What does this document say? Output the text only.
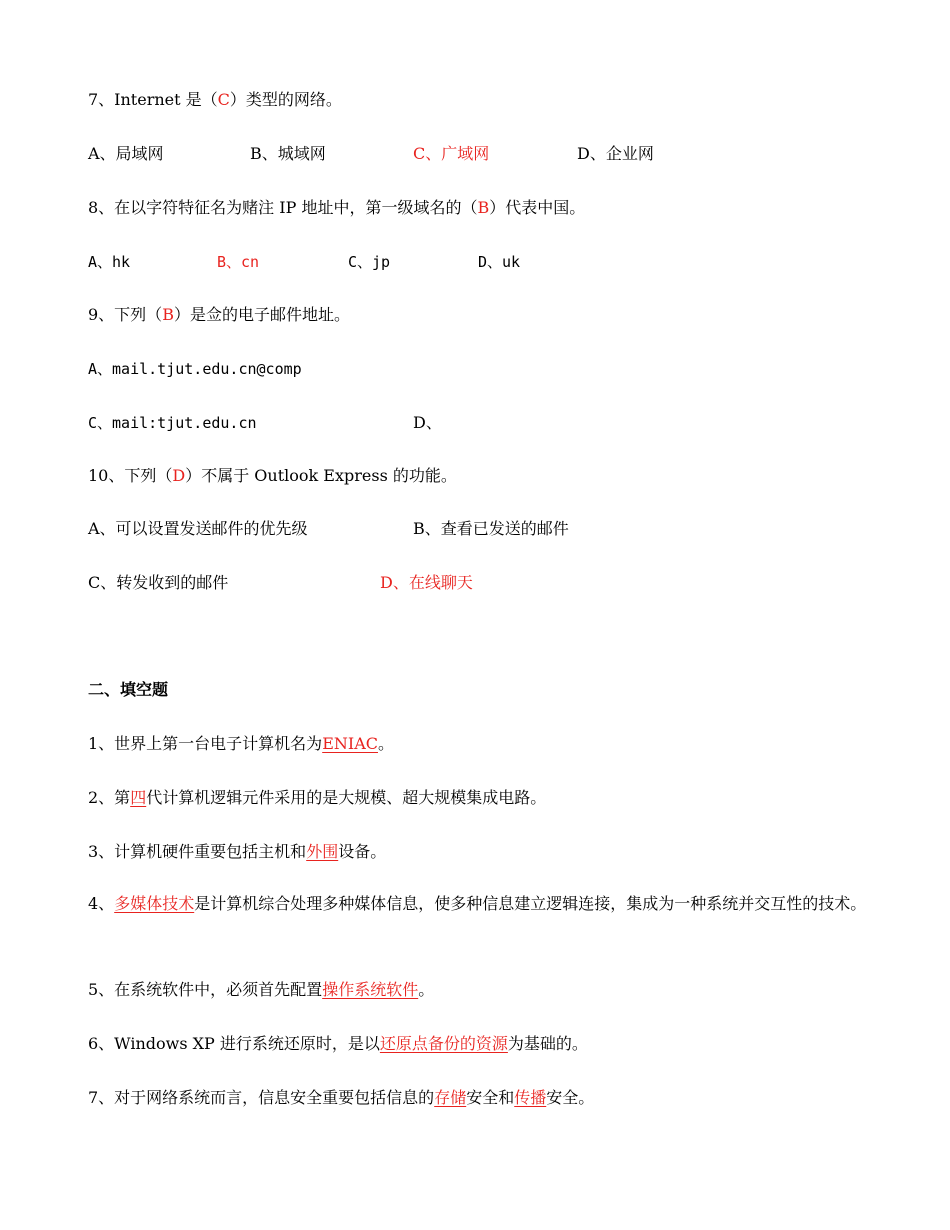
7、Internet 是（C）类型的网络。
A、局域网	B、城域网	C、广域网	D、企业网
8、在以字符特征名为赌注 IP 地址中，第一级域名的（B）代表中国。
A、hk	B、cn	C、jp	D、uk
9、下列（B）是佥的电子邮件地址。
A、mail.tjut.edu.cn@comp
C、mail:tjut.edu.cn	D、
10、下列（D）不属于 Outlook Express 的功能。
A、可以设置发送邮件的优先级	B、查看已发送的邮件
C、转发收到的邮件	D、在线聊天
二、填空题
1、世界上第一台电子计算机名为ENIAC。
2、第四代计算机逻辑元件采用的是大规模、超大规模集成电路。
3、计算机硬件重要包括主机和外围设备。
4、多媒体技术是计算机综合处理多种媒体信息，使多种信息建立逻辑连接，集成为一种系统并交互性的技术。
5、在系统软件中，必须首先配置操作系统软件。
6、Windows XP 进行系统还原时，是以还原点备份的资源为基础的。
7、对于网络系统而言，信息安全重要包括信息的存储安全和传播安全。
